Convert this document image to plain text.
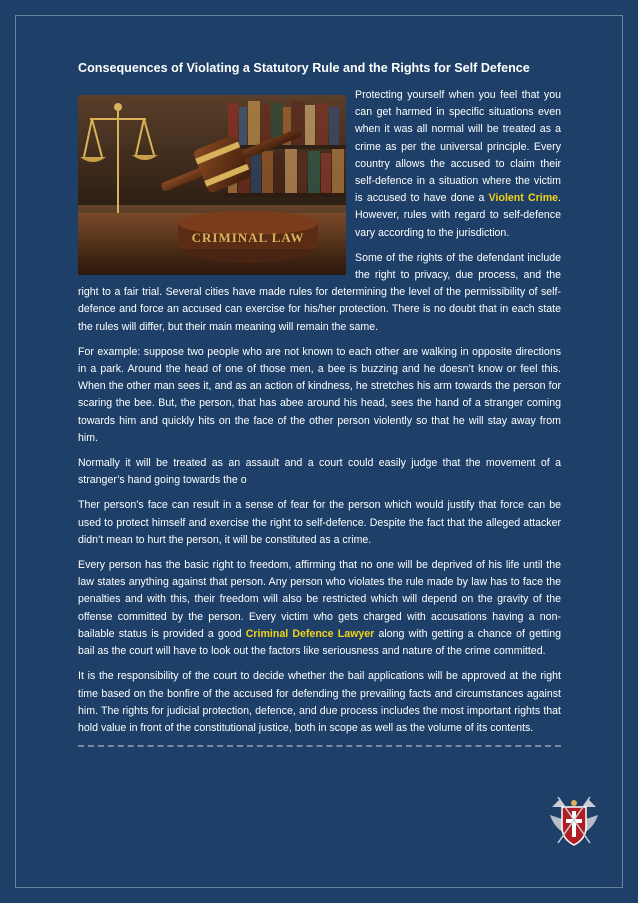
Consequences of Violating a Statutory Rule and the Rights for Self Defence
CRIMINAL LAW

Protecting yourself when you feel that you can get harmed in specific situations even when it was all normal will be treated as a crime as per the universal principle. Every country allows the accused to claim their self-defence in a situation where the victim is accused to have done a Violent Crime. However, rules with regard to self-defence vary according to the jurisdiction.

Some of the rights of the defendant include the right to privacy, due process, and the right to a fair trial. Several cities have made rules for determining the level of the permissibility of self-defence and force an accused can exercise for his/her protection. There is no doubt that in each state the rules will differ, but their main meaning will remain the same.

For example: suppose two people who are not known to each other are walking in opposite directions in a park. Around the head of one of those men, a bee is buzzing and he doesn’t know or feel this. When the other man sees it, and as an action of kindness, he stretches his arm towards the person for scaring the bee. But, the person, that has abee around his head, sees the hand of a stranger coming towards him and quickly hits on the face of the other person violently so that he will stay away from him.

Normally it will be treated as an assault and a court could easily judge that the movement of a stranger’s hand going towards the o

Ther person’s face can result in a sense of fear for the person which would justify that force can be used to protect himself and exercise the right to self-defence. Despite the fact that the alleged attacker didn’t mean to hurt the person, it will be constituted as a crime.

Every person has the basic right to freedom, affirming that no one will be deprived of his life until the law states anything against that person. Any person who violates the rule made by law has to face the penalties and with this, their freedom will also be restricted which will depend on the gravity of the offense committed by the person. Every victim who gets charged with accusations having a non-bailable status is provided a good Criminal Defence Lawyer along with getting a chance of getting bail as the court will have to look out the factors like seriousness and nature of the crime committed.

It is the responsibility of the court to decide whether the bail applications will be approved at the right time based on the bonfire of the accused for defending the prevailing facts and circumstances against him. The rights for judicial protection, defence, and due process includes the most important rights that hold value in front of the constitutional justice, both in scope as well as the volume of its contents.
